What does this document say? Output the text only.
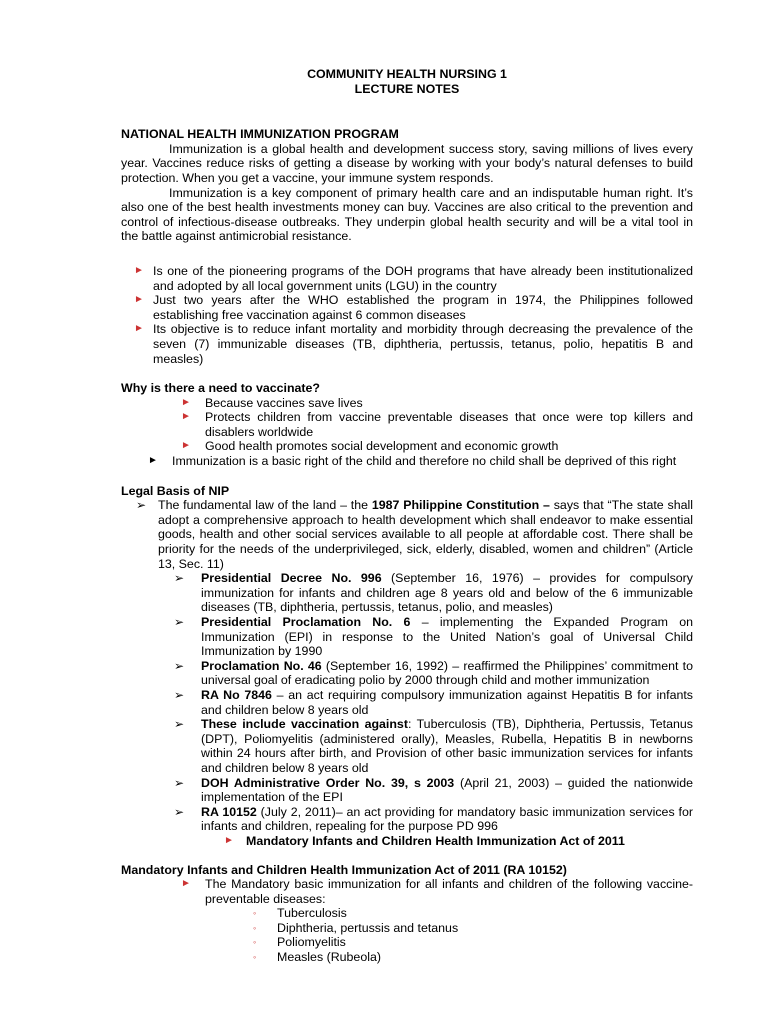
COMMUNITY HEALTH NURSING 1
LECTURE NOTES
NATIONAL HEALTH IMMUNIZATION PROGRAM

Immunization is a global health and development success story, saving millions of lives every year. Vaccines reduce risks of getting a disease by working with your body’s natural defenses to build protection. When you get a vaccine, your immune system responds.

Immunization is a key component of primary health care and an indisputable human right. It’s also one of the best health investments money can buy. Vaccines are also critical to the prevention and control of infectious-disease outbreaks. They underpin global health security and will be a vital tool in the battle against antimicrobial resistance.

► Is one of the pioneering programs of the DOH programs that have already been institutionalized and adopted by all local government units (LGU) in the country
► Just two years after the WHO established the program in 1974, the Philippines followed establishing free vaccination against 6 common diseases
► Its objective is to reduce infant mortality and morbidity through decreasing the prevalence of the seven (7) immunizable diseases (TB, diphtheria, pertussis, tetanus, polio, hepatitis B and measles)
Why is there a need to vaccinate?
► Because vaccines save lives
► Protects children from vaccine preventable diseases that once were top killers and disablers worldwide
► Good health promotes social development and economic growth
► Immunization is a basic right of the child and therefore no child shall be deprived of this right
Legal Basis of NIP
➢ The fundamental law of the land – the 1987 Philippine Constitution – says that “The state shall adopt a comprehensive approach to health development which shall endeavor to make essential goods, health and other social services available to all people at affordable cost. There shall be priority for the needs of the underprivileged, sick, elderly, disabled, women and children” (Article 13, Sec. 11)
➢ Presidential Decree No. 996 (September 16, 1976) – provides for compulsory immunization for infants and children age 8 years old and below of the 6 immunizable diseases (TB, diphtheria, pertussis, tetanus, polio, and measles)
➢ Presidential Proclamation No. 6 – implementing the Expanded Program on Immunization (EPI) in response to the United Nation’s goal of Universal Child Immunization by 1990
➢ Proclamation No. 46 (September 16, 1992) – reaffirmed the Philippines’ commitment to universal goal of eradicating polio by 2000 through child and mother immunization
➢ RA No 7846 – an act requiring compulsory immunization against Hepatitis B for infants and children below 8 years old
➢ These include vaccination against: Tuberculosis (TB), Diphtheria, Pertussis, Tetanus (DPT), Poliomyelitis (administered orally), Measles, Rubella, Hepatitis B in newborns within 24 hours after birth, and Provision of other basic immunization services for infants and children below 8 years old
➢ DOH Administrative Order No. 39, s 2003 (April 21, 2003) – guided the nationwide implementation of the EPI
➢ RA 10152 (July 2, 2011)– an act providing for mandatory basic immunization services for infants and children, repealing for the purpose PD 996
► Mandatory Infants and Children Health Immunization Act of 2011
Mandatory Infants and Children Health Immunization Act of 2011 (RA 10152)
► The Mandatory basic immunization for all infants and children of the following vaccine-preventable diseases:
◦ Tuberculosis
◦ Diphtheria, pertussis and tetanus
◦ Poliomyelitis
◦ Measles (Rubeola)
